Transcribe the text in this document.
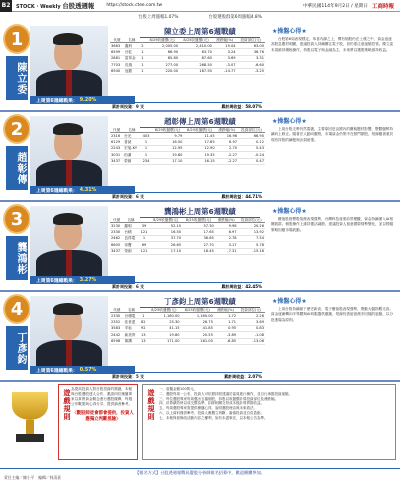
B2	STOCK · Weekly 台股透週報	https://stock.ctee.com.tw	中華民國114年9月2日 / 星期日 工商時報
台股上周漲幅1.07%	台股選股群第6周漲幅4.8%
1
陳立委
上周第6週總戰果： 9.20%
陳立委上周第6週戰績
代號	名稱		8/29收盤價(元)	8/25收盤價(元)	漲跌幅(%)	投資部位(元)
3663	鑫科	2	2,005.00	2,410.00	15.04	63.00
6599	台虹	1	66.90	63.70	3.24	36.76
2881	富邦金	1	85.80	87.60	3.69	3.31
7703	長瑞	1	277.00	268.50	-3.07	-6.60
6940	冠鎧	1	220.00	187.50	-14.77	-3.25
累計周投資：9 支	累計周收益：58.07%
★操盤心得★

台股第6周表現穩定，恭喜內線之上，慣有個股仍在上漲之中，資金追逐高股息題材明顯，建議投資人持續關注電子股，但仍需注意風險控管。陳立委本周維持積極操作，持股以電子與金融為主，未來將以選股策略維持收益。

2
趙彰傳
上周第6週總戰果： 4.31%
趙彰傳上周第6週戰績
代號	名稱		8/29收盤價(元)	8/25收盤價(元)	漲跌幅(%)	投資部位(元)
2316	台光	403	9.79	11.45	16.96	66.90
6129	普誠	1	16.50	17.65	6.97	0.12
2243	宏旭-KY	1	12.95	12.90	2.70	5.43
3031	佰鴻	1	19.80	19.35	-2.27	-0.24
3437	榮創	234	17.10	16.15	-2.27	0.47
累計周投資：6 支	累計周收益：44.71%
★操盤心得★

上周台股走勢仍然震盪，主要原因是由國內的關稅題材影響，整體盤勢持續向上修正。隨著法人動向觀察，市場資金仍集中在熱門類股，短線應著重於現有持股的續抱與汰弱留強。

3
龔鴻彬
上周第6週總戰果： 3.27%
龔鴻彬上周第6週戰績
代號	名稱		8/29收盤價(元)	8/25收盤價(元)	漲跌幅(%)	投資部位(元)
3230	錦明	39	52.10	57.30	9.98	20.26
2330	台積	121	16.50	17.65	6.97	13.92
2462	良得電	1	37.70	36.65	2.78	7.54
6605	帝寶	69	26.65	27.70	3.17	5.78
3437	榮創	121	17.10	18.45	-7.31	-15.16
累計周投資：6 支	累計周收益：42.45%
★操盤心得★

權值股指標股領漲表現強勢，台灣科技產業前景樂觀，資金持續湧入AI相關族群。個股操作上維持靈活調節，建議投資人留意國際情勢變化，並以穩健策略因應市場波動。

4
丁彥鈞
上周第6週總戰果： 0.57%
丁彥鈞上周第6週戰績
代號	名稱		8/29收盤價(元)	8/25收盤價(元)	漲跌幅(%)	投資部位(元)
2330	台積電	1	1,180.00	1,160.00	1.72	2.28
2352	佳世達	82	25.30	26.75	1.71	3.69
3583	辛耘	92	41.15	41.85	0.95	0.83
2442	新美齊	13	19.80	20.55	-3.89	-1.08
6598	萬潤	13	171.00	161.00	-6.85	-13.06
累計周投資：5 支	累計周收益：2.07%
★操盤心得★

上周台股持續創下歷史新高，電子權值股表現強勢，帶動大盤指數走高。資金逐漸轉向半導體與AI伺服器供應鏈，短線仍需留意漲多回檔的風險，以分批進場為原則。

遊戲規則 為提高投資人對台股投資的興趣，本報與台股選股達人合作，邀請四位操盤專家以真實資金概念進行選股競賽，每週公布戰果與心得分享，提供讀者參考。

〈觀股師徒會都會提供，投資人應獨立判斷風險〉	遊戲規則 一、虛擬金額100萬元。
二、選股每周一公布，投資人可依據持股建議於當周進行操作，並自行承擔投資風險。
三、每位選股專家每周選出五檔個股，持股以收盤價計算投資部位及漲跌幅。
四、計算績效時以成交價為準，扣除相關交易成本後計算實際收益。
五、每周選股專家需提供操盤心得，說明選股理由與未來看法。
六、以上資料僅供參考，投資人應獨立判斷，審慎投資並自負盈虧。
七、本報保留修改活動內容之權利，如有未盡事宜，以本報公告為準。
【報名方式】台股透週報戰局選股分析師報名招募中，歡迎踴躍參加。
責任主編／陳小平　編輯／林清嘉
